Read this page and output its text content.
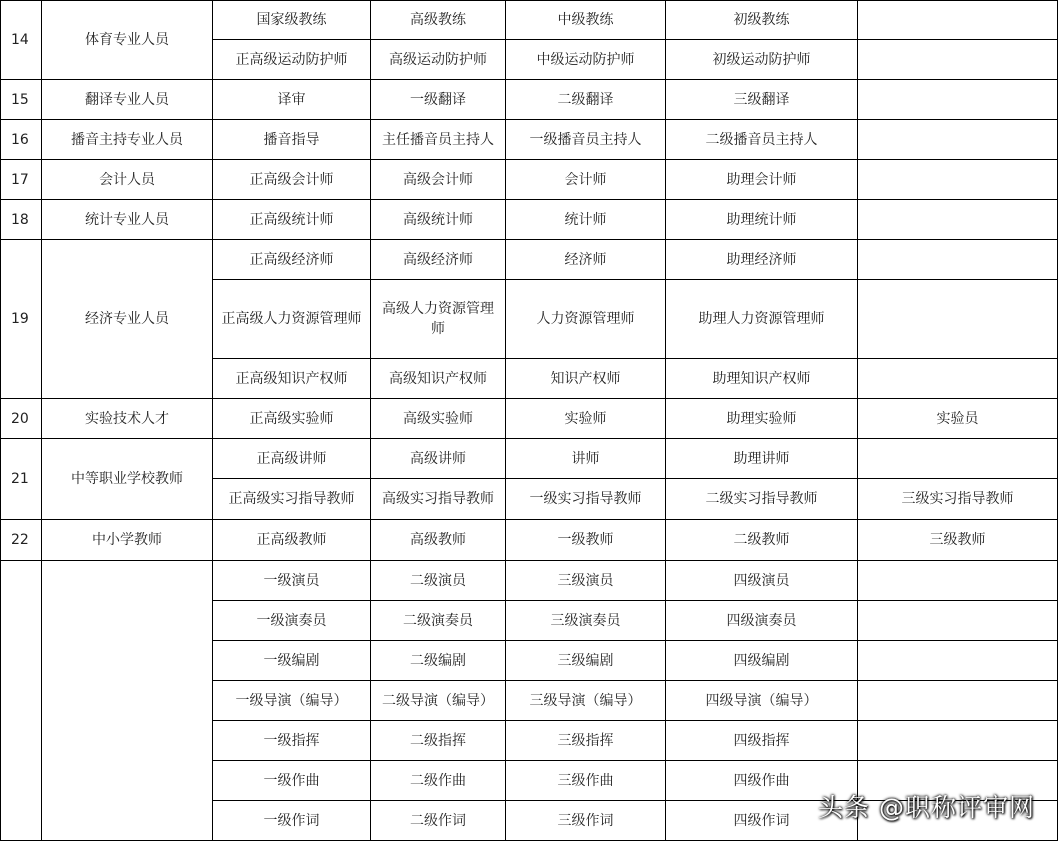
14	体育专业人员	国家级教练	高级教练	中级教练	初级教练	
		正高级运动防护师	高级运动防护师	中级运动防护师	初级运动防护师	
15	翻译专业人员	译审	一级翻译	二级翻译	三级翻译	
16	播音主持专业人员	播音指导	主任播音员主持人	一级播音员主持人	二级播音员主持人	
17	会计人员	正高级会计师	高级会计师	会计师	助理会计师	
18	统计专业人员	正高级统计师	高级统计师	统计师	助理统计师	
19	经济专业人员	正高级经济师	高级经济师	经济师	助理经济师	
		正高级人力资源管理师	高级人力资源管理师	人力资源管理师	助理人力资源管理师	
		正高级知识产权师	高级知识产权师	知识产权师	助理知识产权师	
20	实验技术人才	正高级实验师	高级实验师	实验师	助理实验师	实验员
21	中等职业学校教师	正高级讲师	高级讲师	讲师	助理讲师	
		正高级实习指导教师	高级实习指导教师	一级实习指导教师	二级实习指导教师	三级实习指导教师
22	中小学教师	正高级教师	高级教师	一级教师	二级教师	三级教师
		一级演员	二级演员	三级演员	四级演员	
		一级演奏员	二级演奏员	三级演奏员	四级演奏员	
		一级编剧	二级编剧	三级编剧	四级编剧	
		一级导演（编导）	二级导演（编导）	三级导演（编导）	四级导演（编导）	
		一级指挥	二级指挥	三级指挥	四级指挥	
		一级作曲	二级作曲	三级作曲	四级作曲	
		一级作词	二级作词	三级作词	四级作词	头条 @职称评审网
